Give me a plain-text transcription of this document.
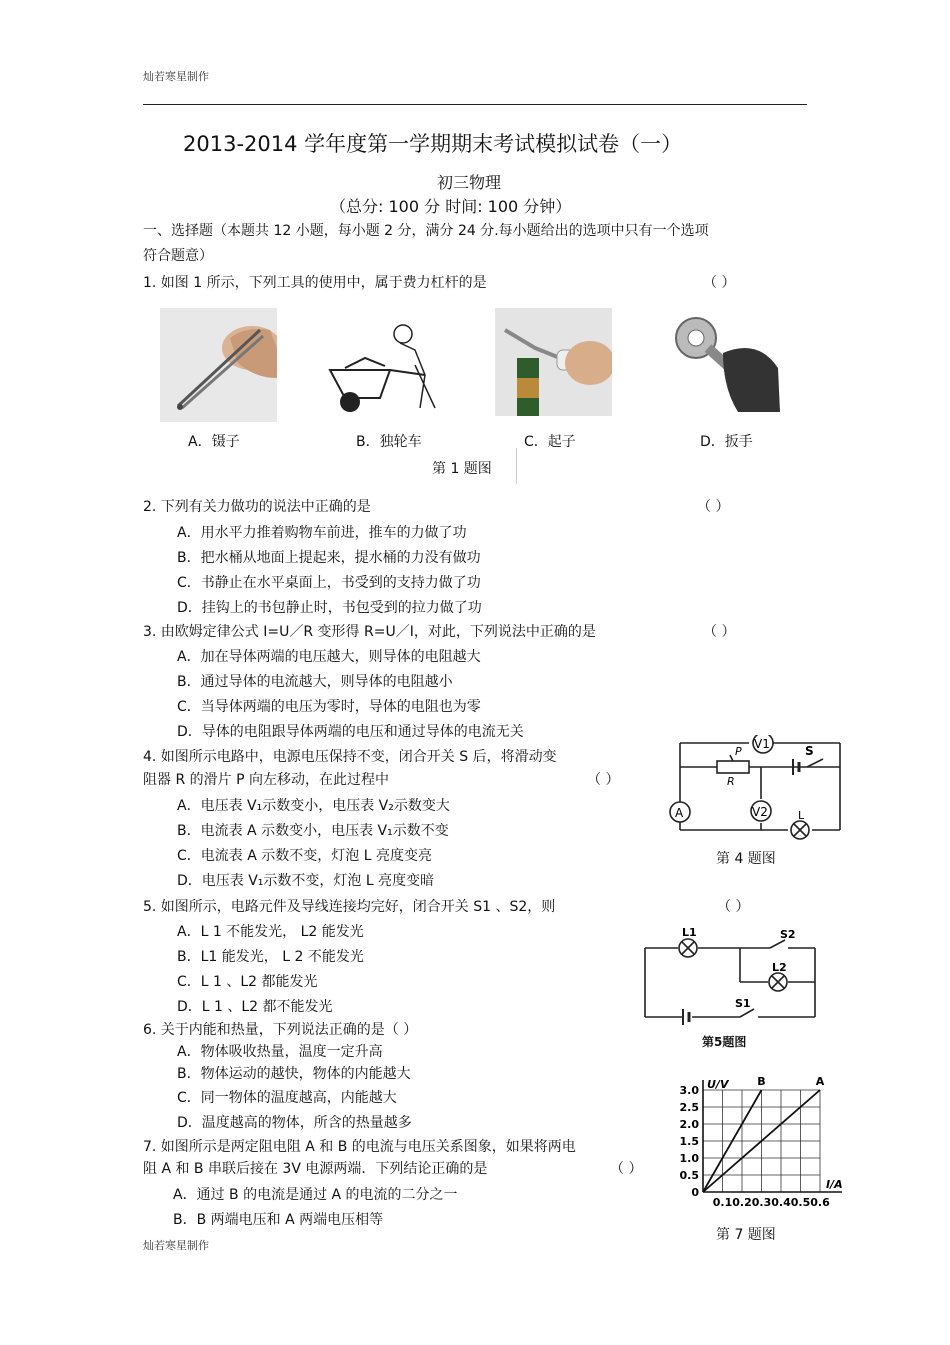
灿若寒星制作
2013-2014 学年度第一学期期末考试模拟试卷（一）
初三物理
（总分: 100 分 时间: 100 分钟）
一、选择题（本题共 12 小题，每小题 2 分，满分 24 分.每小题给出的选项中只有一个选项
符合题意）
1. 如图 1 所示，下列工具的使用中，属于费力杠杆的是	（ ）
A．镊子	B．独轮车	C．起子	D．扳手
第 1 题图
2. 下列有关力做功的说法中正确的是	（ ）
A．用水平力推着购物车前进，推车的力做了功
B．把水桶从地面上提起来，提水桶的力没有做功
C．书静止在水平桌面上，书受到的支持力做了功
D．挂钩上的书包静止时，书包受到的拉力做了功
3. 由欧姆定律公式 I=U／R 变形得 R=U／I，对此，下列说法中正确的是	（ ）
A．加在导体两端的电压越大，则导体的电阻越大
B．通过导体的电流越大，则导体的电阻越小
C．当导体两端的电压为零时，导体的电阻也为零
D．导体的电阻跟导体两端的电压和通过导体的电流无关
4. 如图所示电路中，电源电压保持不变，闭合开关 S 后，将滑动变
阻器 R 的滑片 P 向左移动，在此过程中	（ ）
A．电压表 V₁示数变小，电压表 V₂示数变大
B．电流表 A 示数变小，电压表 V₁示数不变
C．电流表 A 示数不变，灯泡 L 亮度变亮
D．电压表 V₁示数不变，灯泡 L 亮度变暗
V1
V2
A
P
R
S
L
第 4 题图
5. 如图所示，电路元件及导线连接均完好，闭合开关 S1 、S2，则	（ ）
A．L 1 不能发光， L2 能发光
B．L1 能发光， L 2 不能发光
C．L 1 、L2 都能发光
D．L 1 、L2 都不能发光
L1
L2
S2
S1
第5题图
6. 关于内能和热量，下列说法正确的是（ ）
A．物体吸收热量，温度一定升高
B．物体运动的越快，物体的内能越大
C．同一物体的温度越高，内能越大
D．温度越高的物体，所含的热量越多
7. 如图所示是两定阻电阻 A 和 B 的电流与电压关系图象，如果将两电
阻 A 和 B 串联后接在 3V 电源两端．下列结论正确的是	（ ）
A．通过 B 的电流是通过 A 的电流的二分之一
B．B 两端电压和 A 两端电压相等
0.1 0.2 0.3 0.4 0.5 0.6
0
0.5
1.0
1.5
2.0
2.5
3.0 U/V
I/A
A
B
第 7 题图
灿若寒星制作
